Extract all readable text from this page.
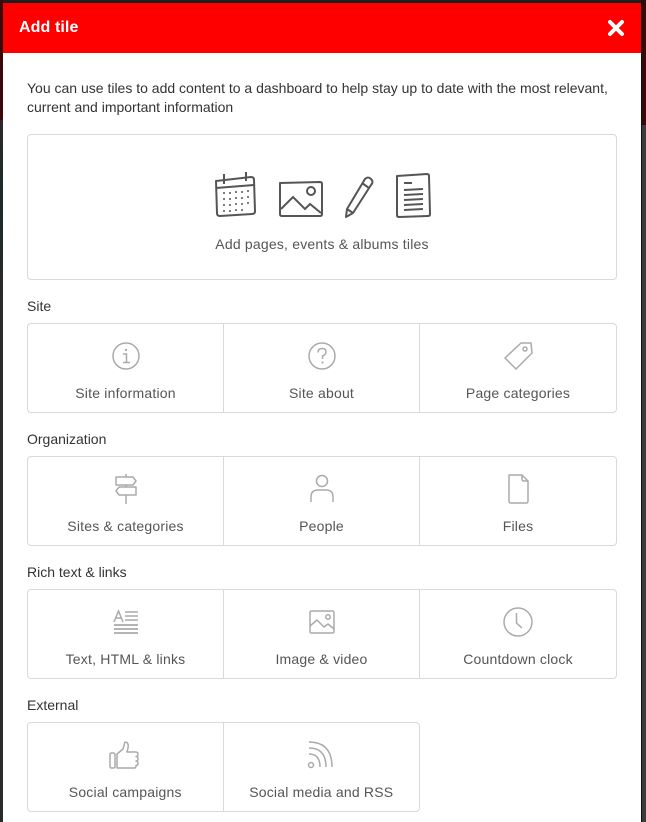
Add tile

You can use tiles to add content to a dashboard to help stay up to date with the most relevant, current and important information

Add pages, events & albums tiles
Site
Site information	Site about	Page categories
Organization
Sites & categories	People	Files
Rich text & links
Text, HTML & links	Image & video	Countdown clock
External
Social campaigns	Social media and RSS
